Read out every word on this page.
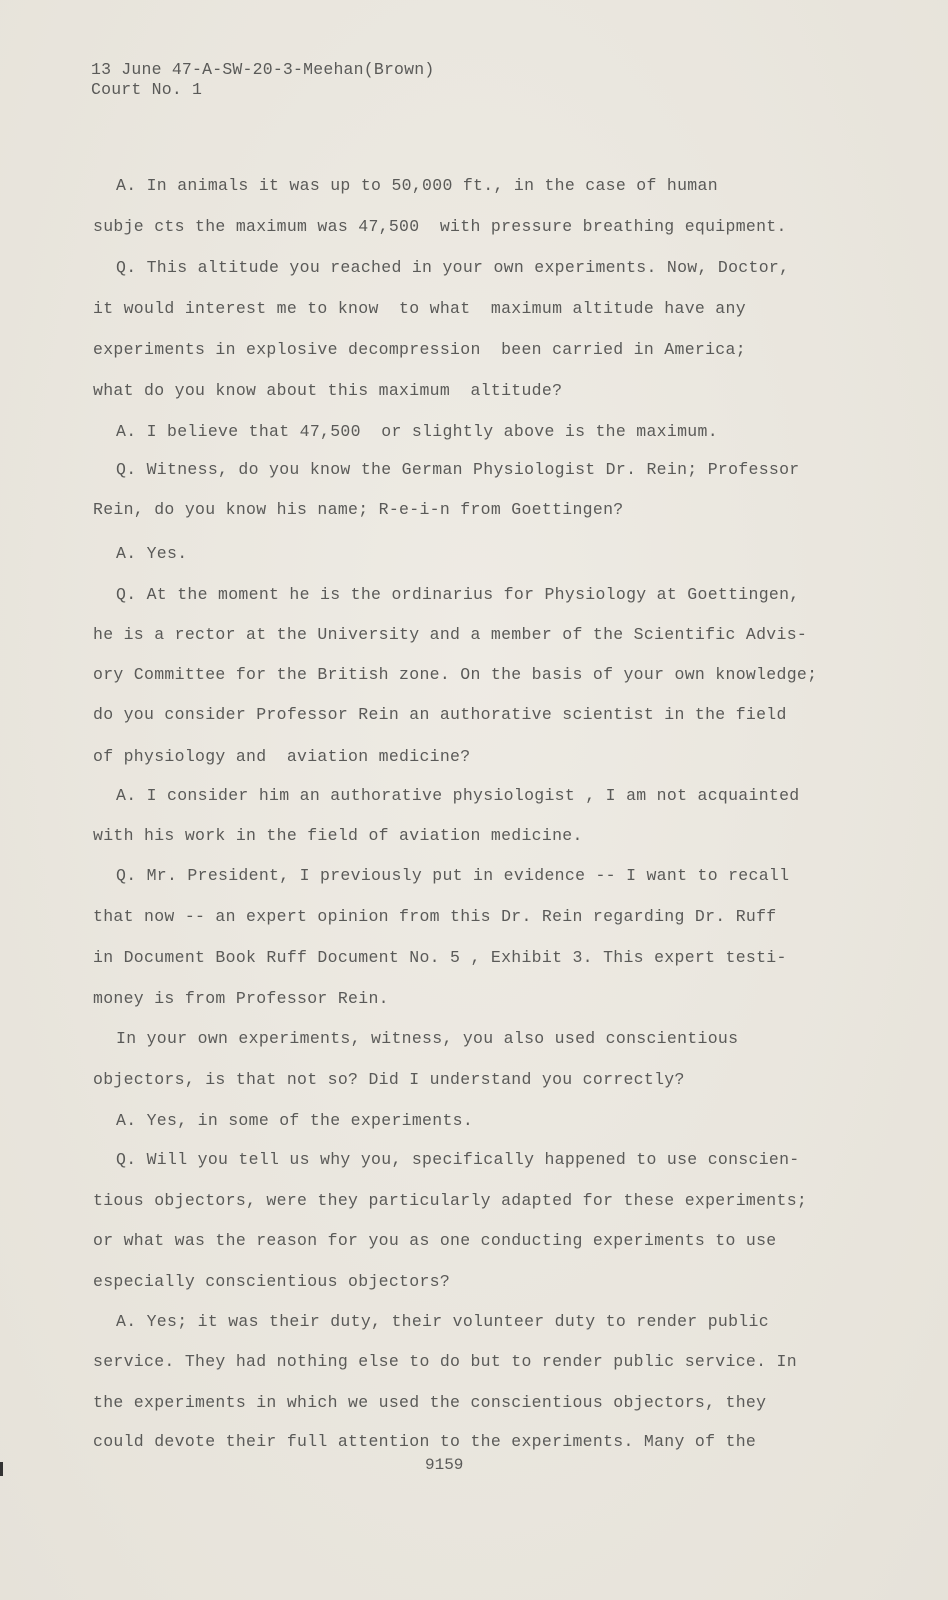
13 June 47-A-SW-20-3-Meehan(Brown)
Court No. 1
A. In animals it was up to 50,000 ft., in the case of human
subje cts the maximum was 47,500  with pressure breathing equipment.
Q. This altitude you reached in your own experiments. Now, Doctor,
it would interest me to know  to what  maximum altitude have any
experiments in explosive decompression  been carried in America;
what do you know about this maximum  altitude?
A. I believe that 47,500  or slightly above is the maximum.
Q. Witness, do you know the German Physiologist Dr. Rein; Professor
Rein, do you know his name; R-e-i-n from Goettingen?
A. Yes.
Q. At the moment he is the ordinarius for Physiology at Goettingen,
he is a rector at the University and a member of the Scientific Advis-
ory Committee for the British zone. On the basis of your own knowledge;
do you consider Professor Rein an authorative scientist in the field
of physiology and  aviation medicine?
A. I consider him an authorative physiologist , I am not acquainted
with his work in the field of aviation medicine.
Q. Mr. President, I previously put in evidence -- I want to recall
that now -- an expert opinion from this Dr. Rein regarding Dr. Ruff
in Document Book Ruff Document No. 5 , Exhibit 3. This expert testi-
money is from Professor Rein.
In your own experiments, witness, you also used conscientious
objectors, is that not so? Did I understand you correctly?
A. Yes, in some of the experiments.
Q. Will you tell us why you, specifically happened to use conscien-
tious objectors, were they particularly adapted for these experiments;
or what was the reason for you as one conducting experiments to use
especially conscientious objectors?
A. Yes; it was their duty, their volunteer duty to render public
service. They had nothing else to do but to render public service. In
the experiments in which we used the conscientious objectors, they
could devote their full attention to the experiments. Many of the
9159
